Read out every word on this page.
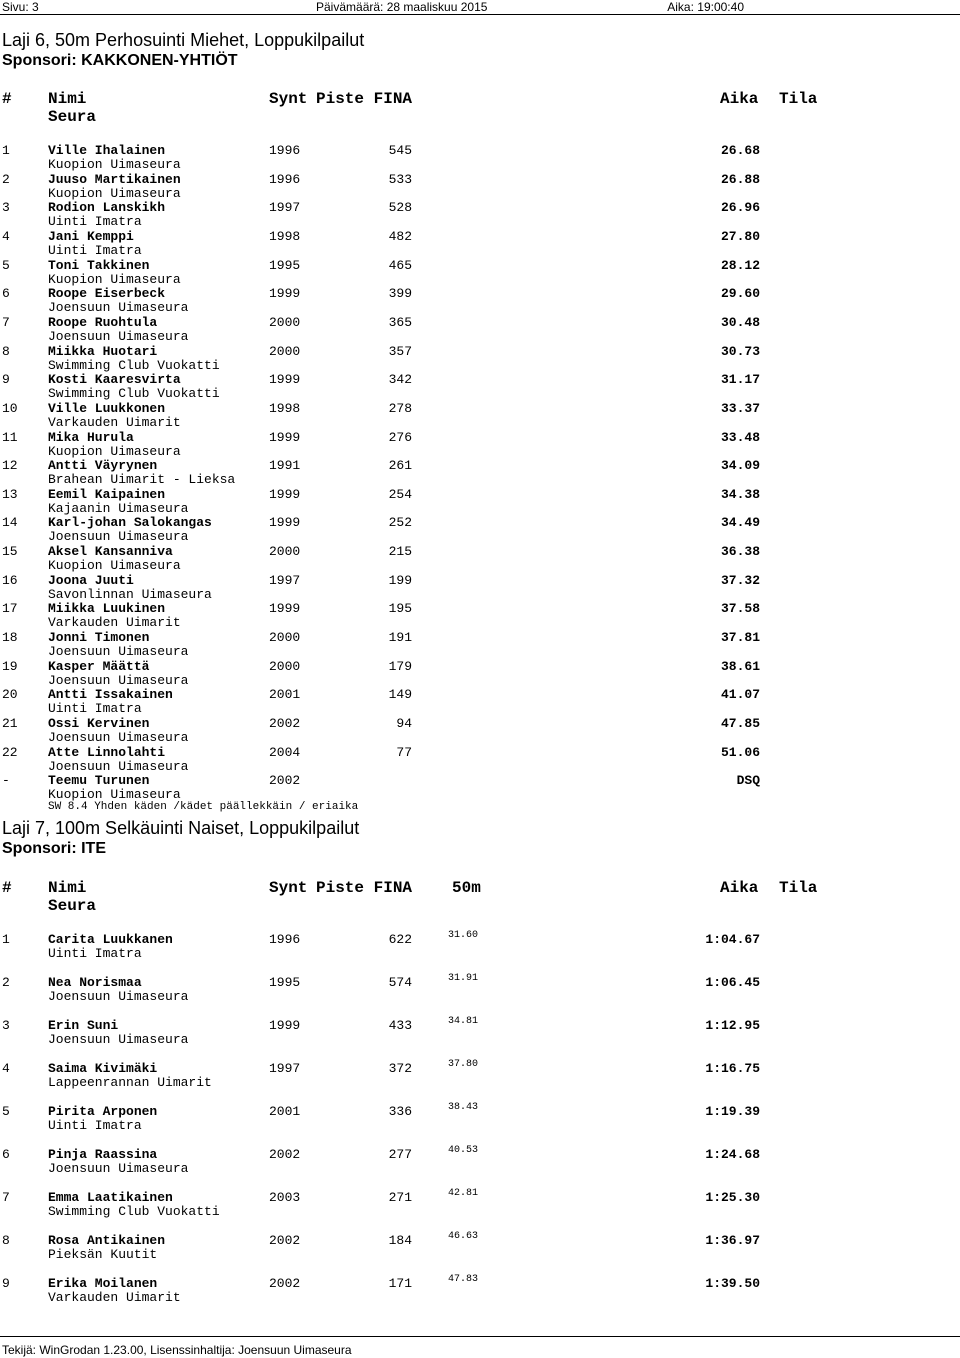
Sivu: 3	Päivämäärä: 28 maaliskuu 2015	Aika: 19:00:40
Laji 6, 50m Perhosuinti Miehet, Loppukilpailut
Sponsori: KAKKONEN-YHTIÖT
# Nimi
Seura
Synt Piste FINA	Aika Tila
1	Ville Ihalainen
Kuopion Uimaseura
1996	545	26.68
2	Juuso Martikainen
Kuopion Uimaseura
1996	533	26.88
3	Rodion Lanskikh
Uinti Imatra
1997	528	26.96
4	Jani Kemppi
Uinti Imatra
1998	482	27.80
5	Toni Takkinen
Kuopion Uimaseura
1995	465	28.12
6	Roope Eiserbeck
Joensuun Uimaseura
1999	399	29.60
7	Roope Ruohtula
Joensuun Uimaseura
2000	365	30.48
8	Miikka Huotari
Swimming Club Vuokatti
2000	357	30.73
9	Kosti Kaaresvirta
Swimming Club Vuokatti
1999	342	31.17
10 Ville Luukkonen
Varkauden Uimarit
1998	278	33.37
11 Mika Hurula
Kuopion Uimaseura
1999	276	33.48
12 Antti Väyrynen
Brahean Uimarit - Lieksa
1991	261	34.09
13 Eemil Kaipainen
Kajaanin Uimaseura
1999	254	34.38
14 Karl-johan Salokangas
Joensuun Uimaseura
1999	252	34.49
15 Aksel Kansanniva
Kuopion Uimaseura
2000	215	36.38
16 Joona Juuti
Savonlinnan Uimaseura
1997	199	37.32
17 Miikka Luukinen
Varkauden Uimarit
1999	195	37.58
18 Jonni Timonen
Joensuun Uimaseura
2000	191	37.81
19 Kasper Määttä
Joensuun Uimaseura
2000	179	38.61
20 Antti Issakainen
Uinti Imatra
2001	149	41.07
21 Ossi Kervinen
Joensuun Uimaseura
2002	94	47.85
22 Atte Linnolahti
Joensuun Uimaseura
2004	77	51.06
-	Teemu Turunen
Kuopion Uimaseura
2002	DSQ
SW 8.4 Yhden käden /kädet päällekkäin / eriaika
Laji 7, 100m Selkäuinti Naiset, Loppukilpailut
Sponsori: ITE
# Nimi
Seura
Synt Piste FINA 50m	Aika Tila
1	Carita Luukkanen
Uinti Imatra
1996	622	31.60	1:04.67
2	Nea Norismaa
Joensuun Uimaseura
1995	574	31.91	1:06.45
3	Erin Suni
Joensuun Uimaseura
1999	433	34.81	1:12.95
4	Saima Kivimäki
Lappeenrannan Uimarit
1997	372	37.80	1:16.75
5	Pirita Arponen
Uinti Imatra
2001	336	38.43	1:19.39
6	Pinja Raassina
Joensuun Uimaseura
2002	277	40.53	1:24.68
7	Emma Laatikainen
Swimming Club Vuokatti
2003	271	42.81	1:25.30
8	Rosa Antikainen
Pieksän Kuutit
2002	184	46.63	1:36.97
9	Erika Moilanen
Varkauden Uimarit
2002	171	47.83	1:39.50
Tekijä: WinGrodan 1.23.00, Lisenssinhaltija: Joensuun Uimaseura
